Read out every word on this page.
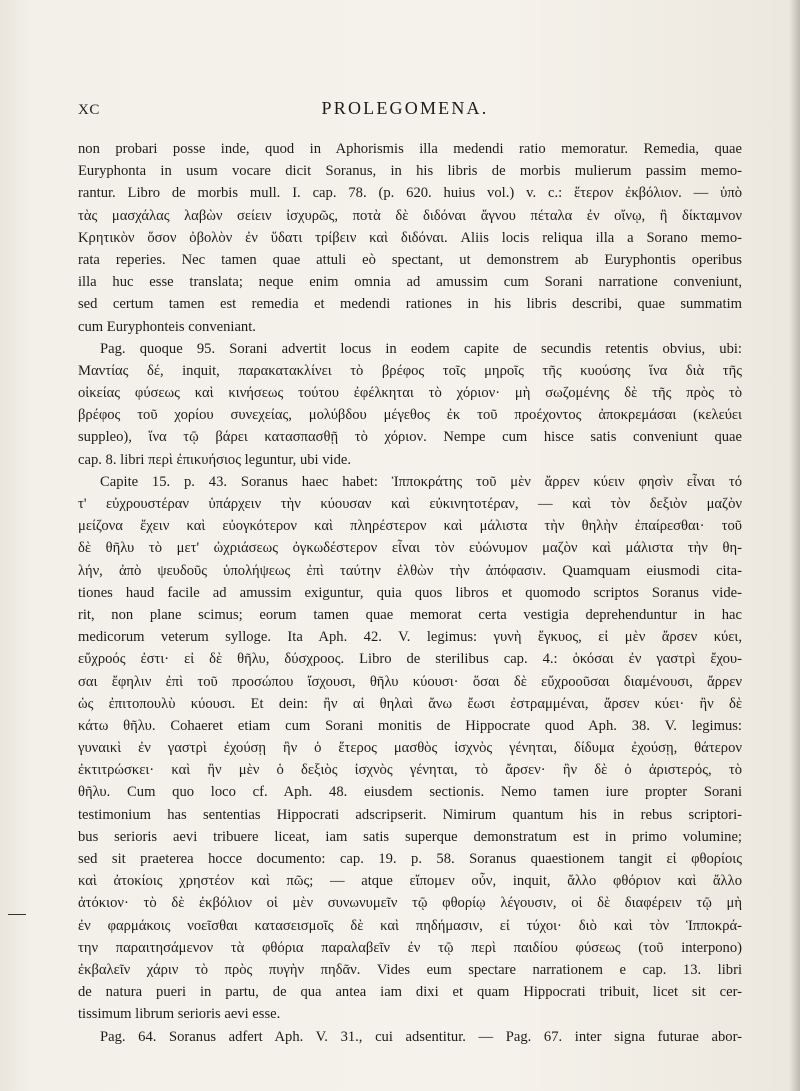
XC	PROLEGOMENA.
non probari posse inde, quod in Aphorismis illa medendi ratio memoratur. Remedia, quae
Euryphonta in usum vocare dicit Soranus, in his libris de morbis mulierum passim memo-
rantur. Libro de morbis mull. I. cap. 78. (p. 620. huius vol.) v. c.: ἕτερον ἐκβόλιον. — ὑπὸ
τὰς μασχάλας λαβὼν σείειν ἰσχυρῶς, ποτὰ δὲ διδόναι ἄγνου πέταλα ἐν οἴνῳ, ἢ δίκταμνον
Κρητικὸν ὅσον ὀβολὸν ἐν ὕδατι τρίβειν καὶ διδόναι. Aliis locis reliqua illa a Sorano memo-
rata reperies. Nec tamen quae attuli eò spectant, ut demonstrem ab Euryphontis operibus
illa huc esse translata; neque enim omnia ad amussim cum Sorani narratione conveniunt,
sed certum tamen est remedia et medendi rationes in his libris describi, quae summatim
cum Euryphonteis conveniant.
Pag. quoque 95. Sorani advertit locus in eodem capite de secundis retentis obvius, ubi:
Μαντίας δέ, inquit, παρακατακλίνει τὸ βρέφος τοῖς μηροῖς τῆς κυούσης ἵνα διὰ τῆς
οἰκείας φύσεως καὶ κινήσεως τούτου ἐφέλκηται τὸ χόριον· μὴ σωζομένης δὲ τῆς πρὸς τὸ
βρέφος τοῦ χορίου συνεχείας, μολύβδου μέγεθος ἐκ τοῦ προέχοντος ἀποκρεμάσαι (κελεύει
suppleo), ἵνα τῷ βάρει κατασπασθῇ τὸ χόριον. Nempe cum hisce satis conveniunt quae
cap. 8. libri περὶ ἐπικυήσιος leguntur, ubi vide.
Capite 15. p. 43. Soranus haec habet: Ἱπποκράτης τοῦ μὲν ἄρρεν κύειν φησὶν εἶναι τό
τ' εὐχρουστέραν ὑπάρχειν τὴν κύουσαν καὶ εὐκινητοτέραν, — καὶ τὸν δεξιὸν μαζὸν
μείζονα ἔχειν καὶ εὐογκότερον καὶ πληρέστερον καὶ μάλιστα τὴν θηλὴν ἐπαίρεσθαι· τοῦ
δὲ θῆλυ τὸ μετ' ὠχριάσεως ὀγκωδέστερον εἶναι τὸν εὐώνυμον μαζὸν καὶ μάλιστα τὴν θη-
λήν, ἀπὸ ψευδοῦς ὑπολήψεως ἐπὶ ταύτην ἐλθὼν τὴν ἀπόφασιν. Quamquam eiusmodi cita-
tiones haud facile ad amussim exiguntur, quia quos libros et quomodo scriptos Soranus vide-
rit, non plane scimus; eorum tamen quae memorat certa vestigia deprehenduntur in hac
medicorum veterum sylloge. Ita Aph. 42. V. legimus: γυνὴ ἔγκυος, εἰ μὲν ἄρσεν κύει,
εὔχροός ἐστι· εἰ δὲ θῆλυ, δύσχροος. Libro de sterilibus cap. 4.: ὁκόσαι ἐν γαστρὶ ἔχου-
σαι ἔφηλιν ἐπὶ τοῦ προσώπου ἴσχουσι, θῆλυ κύουσι· ὅσαι δὲ εὔχροοῦσαι διαμένουσι, ἄρρεν
ὡς ἐπιτοπουλὺ κύουσι. Et dein: ἢν αἱ θηλαὶ ἄνω ἔωσι ἐστραμμέναι, ἄρσεν κύει· ἢν δὲ
κάτω θῆλυ. Cohaeret etiam cum Sorani monitis de Hippocrate quod Aph. 38. V. legimus:
γυναικὶ ἐν γαστρὶ ἐχούσῃ ἢν ὁ ἕτερος μασθὸς ἰσχνὸς γένηται, δίδυμα ἐχούσῃ, θάτερον
ἐκτιτρώσκει· καὶ ἢν μὲν ὁ δεξιὸς ἰσχνὸς γένηται, τὸ ἄρσεν· ἢν δὲ ὁ ἀριστερός, τὸ
θῆλυ. Cum quo loco cf. Aph. 48. eiusdem sectionis. Nemo tamen iure propter Sorani
testimonium has sententias Hippocrati adscripserit. Nimirum quantum his in rebus scriptori-
bus serioris aevi tribuere liceat, iam satis superque demonstratum est in primo volumine;
sed sit praeterea hocce documento: cap. 19. p. 58. Soranus quaestionem tangit εἰ φθορίοις
καὶ ἀτοκίοις χρηστέον καὶ πῶς; — atque εἴπομεν οὖν, inquit, ἄλλο φθόριον καὶ ἄλλο
ἀτόκιον· τὸ δὲ ἐκβόλιον οἱ μὲν συνωνυμεῖν τῷ φθορίῳ λέγουσιν, οἱ δὲ διαφέρειν τῷ μὴ
ἐν φαρμάκοις νοεῖσθαι κατασεισμοῖς δὲ καὶ πηδήμασιν, εἰ τύχοι· διὸ καὶ τὸν Ἱπποκρά-
την παραιτησάμενον τὰ φθόρια παραλαβεῖν ἐν τῷ περὶ παιδίου φύσεως (τοῦ interpono)
ἐκβαλεῖν χάριν τὸ πρὸς πυγὴν πηδᾶν. Vides eum spectare narrationem e cap. 13. libri
de natura pueri in partu, de qua antea iam dixi et quam Hippocrati tribuit, licet sit cer-
tissimum librum serioris aevi esse.
Pag. 64. Soranus adfert Aph. V. 31., cui adsentitur. — Pag. 67. inter signa futurae abor-
